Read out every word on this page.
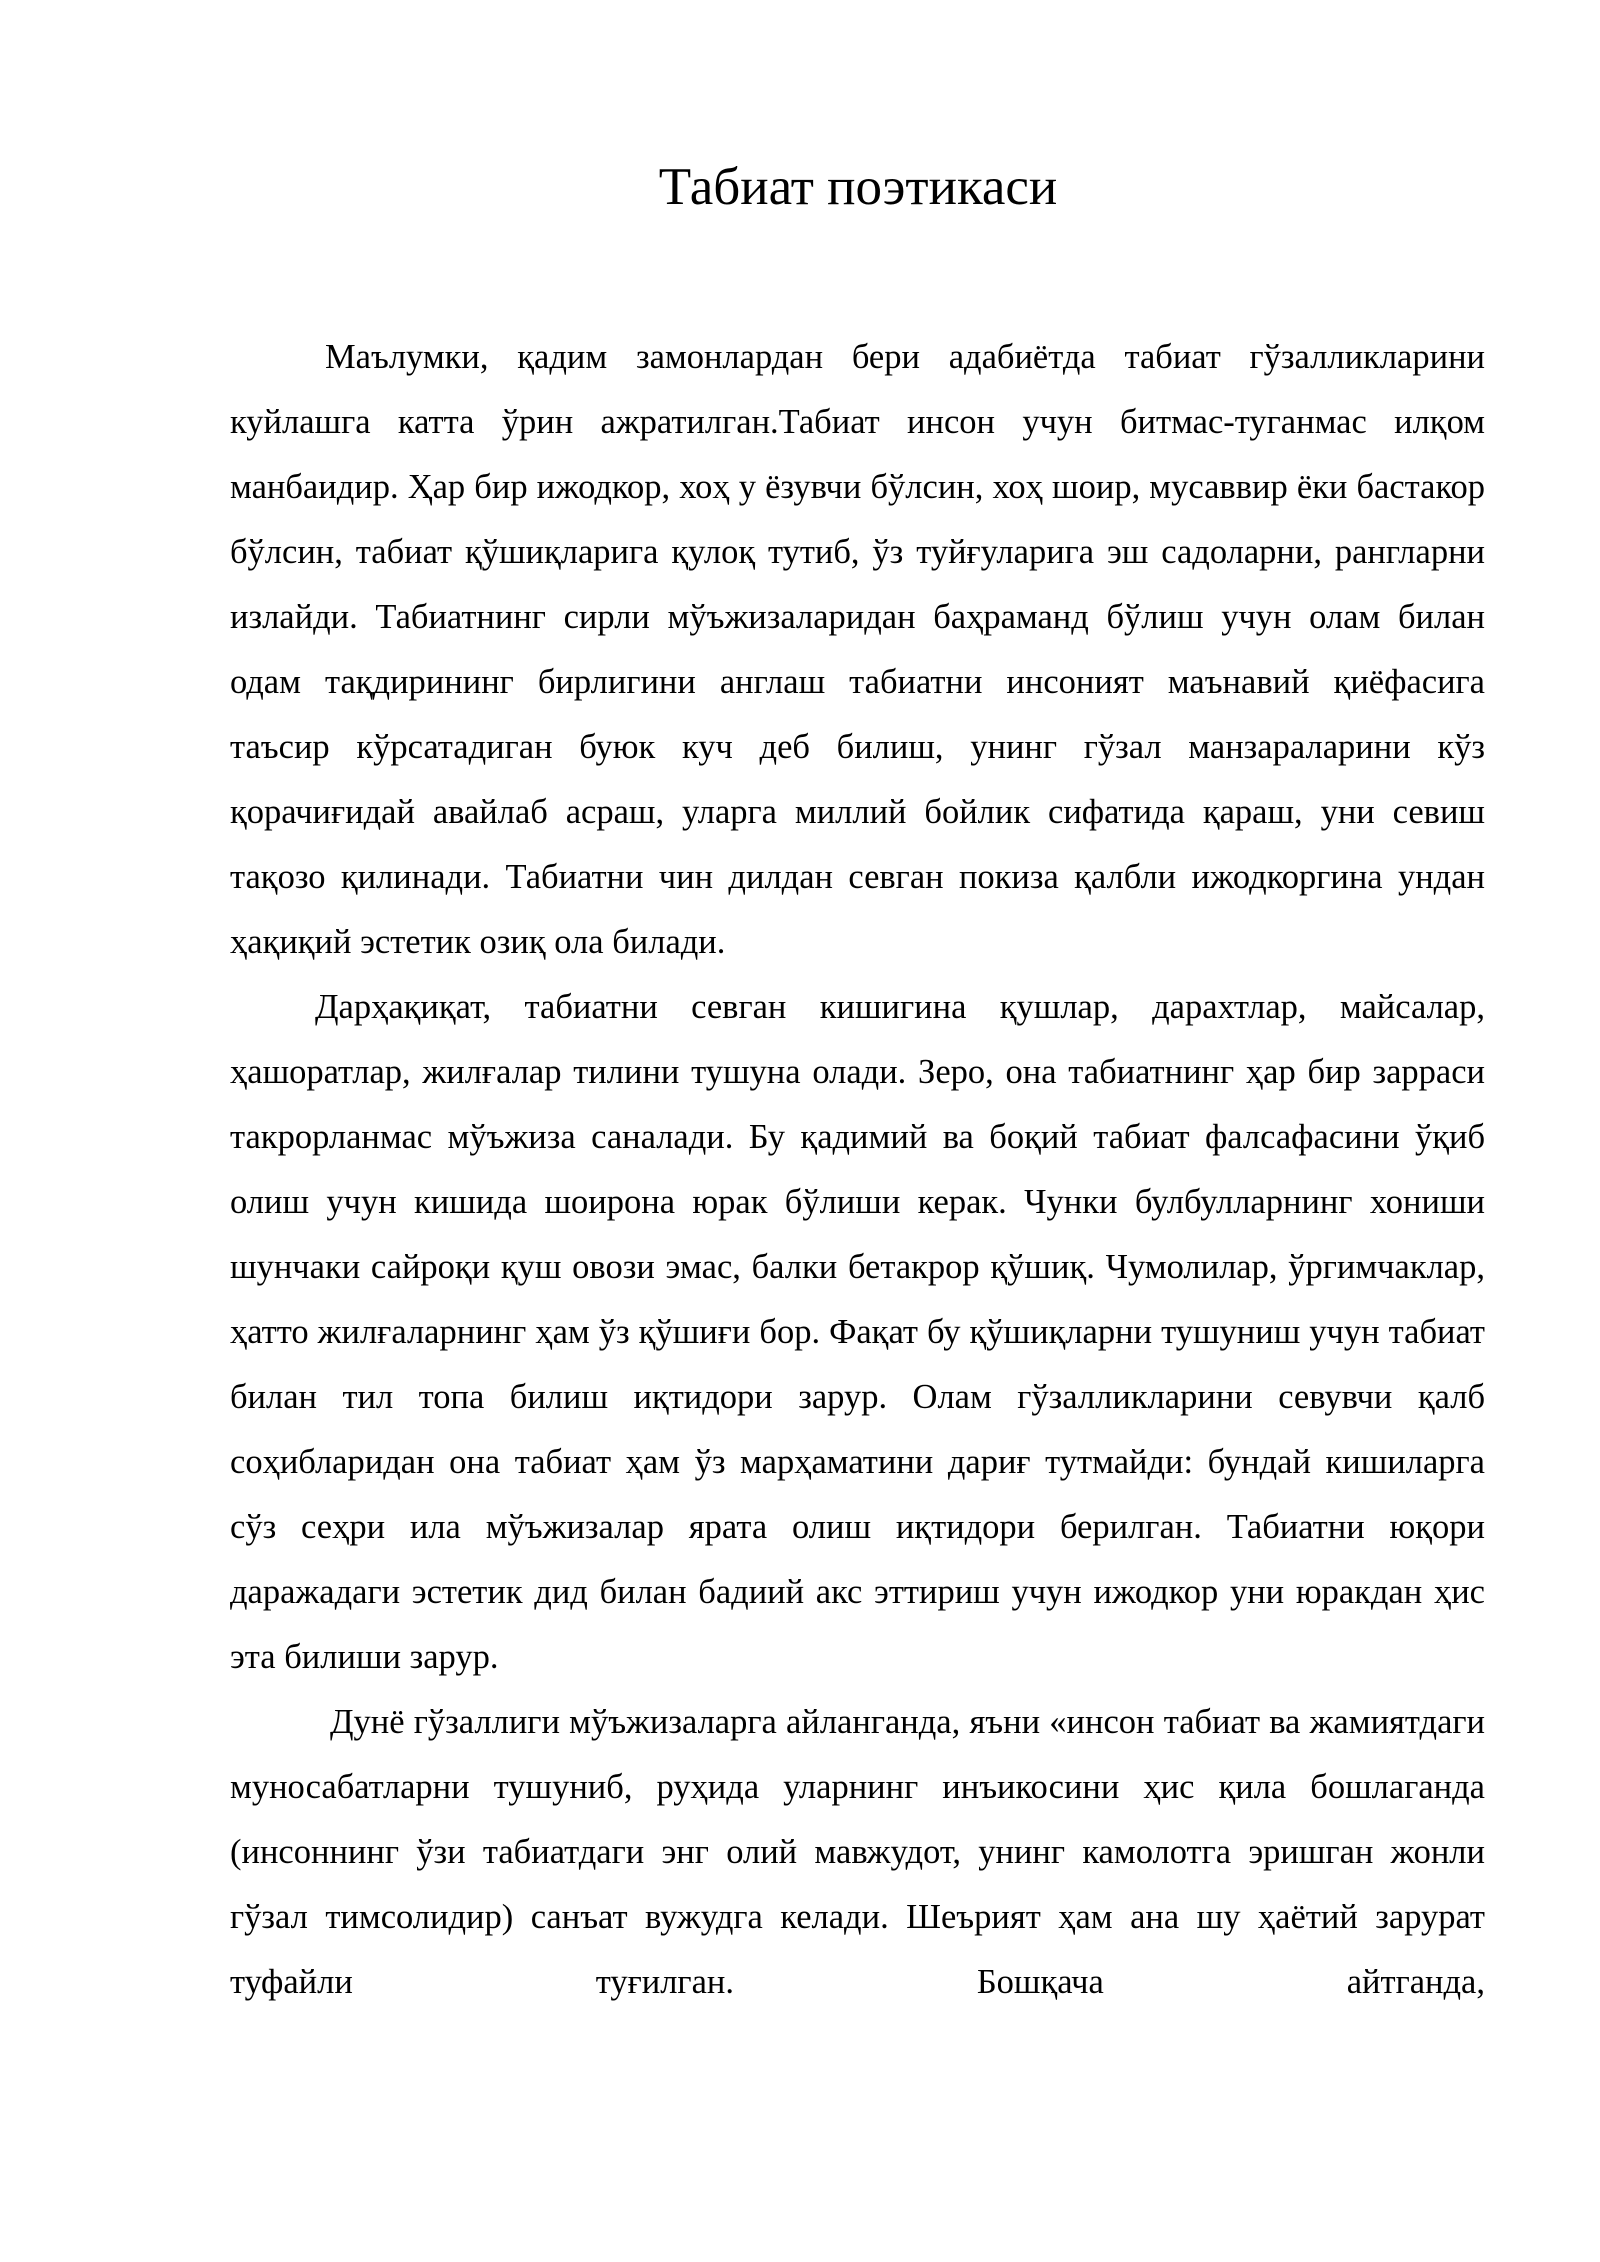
Табиат поэтикаси

Маълумки, қадим замонлардан бери адабиётда табиат гўзалликларини куйлашга катта ўрин ажратилган.Табиат инсон учун битмас-туганмас илқом манбаидир. Ҳар бир ижодкор, хоҳ у ёзувчи бўлсин, хоҳ шоир, мусаввир ёки бастакор бўлсин, табиат қўшиқларига қулоқ тутиб, ўз туйғуларига эш садоларни, рангларни излайди. Табиатнинг сирли мўъжизаларидан баҳраманд бўлиш учун олам билан одам тақдирининг бирлигини англаш табиатни инсоният маънавий қиёфасига таъсир кўрсатадиган буюк куч деб билиш, унинг гўзал манзараларини кўз қорачиғидай авайлаб асраш, уларга миллий бойлик сифатида қараш, уни севиш тақозо қилинади. Табиатни чин дилдан севган покиза қалбли ижодкоргина ундан ҳақиқий эстетик озиқ ола билади.

Дарҳақиқат, табиатни севган кишигина қушлар, дарахтлар, майсалар, ҳашоратлар, жилғалар тилини тушуна олади. Зеро, она табиатнинг ҳар бир зарраси такрорланмас мўъжиза саналади. Бу қадимий ва боқий табиат фалсафасини ўқиб олиш учун кишида шоирона юрак бўлиши керак. Чунки булбулларнинг хониши шунчаки сайроқи қуш овози эмас, балки бетакрор қўшиқ. Чумолилар, ўргимчаклар, ҳатто жилғаларнинг ҳам ўз қўшиғи бор. Фақат бу қўшиқларни тушуниш учун табиат билан тил топа билиш иқтидори зарур. Олам гўзалликларини севувчи қалб соҳибларидан она табиат ҳам ўз марҳаматини дариғ тутмайди: бундай кишиларга сўз сеҳри ила мўъжизалар ярата олиш иқтидори берилган. Табиатни юқори даражадаги эстетик дид билан бадиий акс эттириш учун ижодкор уни юракдан ҳис эта билиши зарур.

Дунё гўзаллиги мўъжизаларга айланганда, яъни «инсон табиат ва жамиятдаги муносабатларни тушуниб, руҳида уларнинг инъикосини ҳис қила бошлаганда (инсоннинг ўзи табиатдаги энг олий мавжудот, унинг камолотга эришган жонли гўзал тимсолидир) санъат вужудга келади. Шеърият ҳам ана шу ҳаётий зарурат туфайли туғилган. Бошқача айтганда,
